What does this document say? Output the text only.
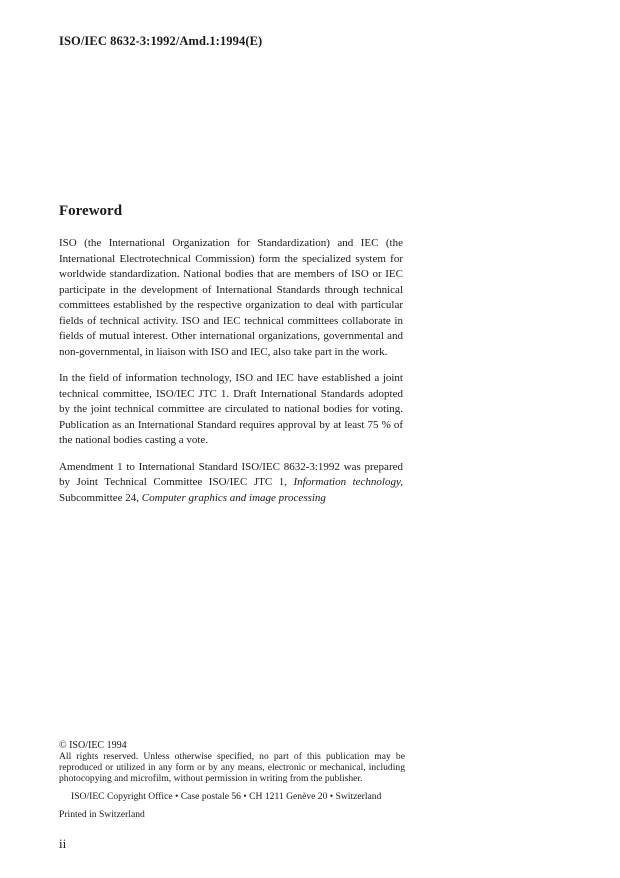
ISO/IEC 8632-3:1992/Amd.1:1994(E)
Foreword

ISO (the International Organization for Standardization) and IEC (the International Electrotechnical Commission) form the specialized system for worldwide standardization. National bodies that are members of ISO or IEC participate in the development of International Standards through technical committees established by the respective organization to deal with particular fields of technical activity. ISO and IEC technical committees collaborate in fields of mutual interest. Other international organizations, governmental and non-governmental, in liaison with ISO and IEC, also take part in the work.

In the field of information technology, ISO and IEC have established a joint technical committee, ISO/IEC JTC 1. Draft International Standards adopted by the joint technical committee are circulated to national bodies for voting. Publication as an International Standard requires approval by at least 75 % of the national bodies casting a vote.

Amendment 1 to International Standard ISO/IEC 8632-3:1992 was prepared by Joint Technical Committee ISO/IEC JTC 1, Information technology, Subcommittee 24, Computer graphics and image processing

© ISO/IEC 1994

All rights reserved. Unless otherwise specified, no part of this publication may be reproduced or utilized in any form or by any means, electronic or mechanical, including photocopying and microfilm, without permission in writing from the publisher.

ISO/IEC Copyright Office • Case postale 56 • CH 1211 Genève 20 • Switzerland

Printed in Switzerland

ii
